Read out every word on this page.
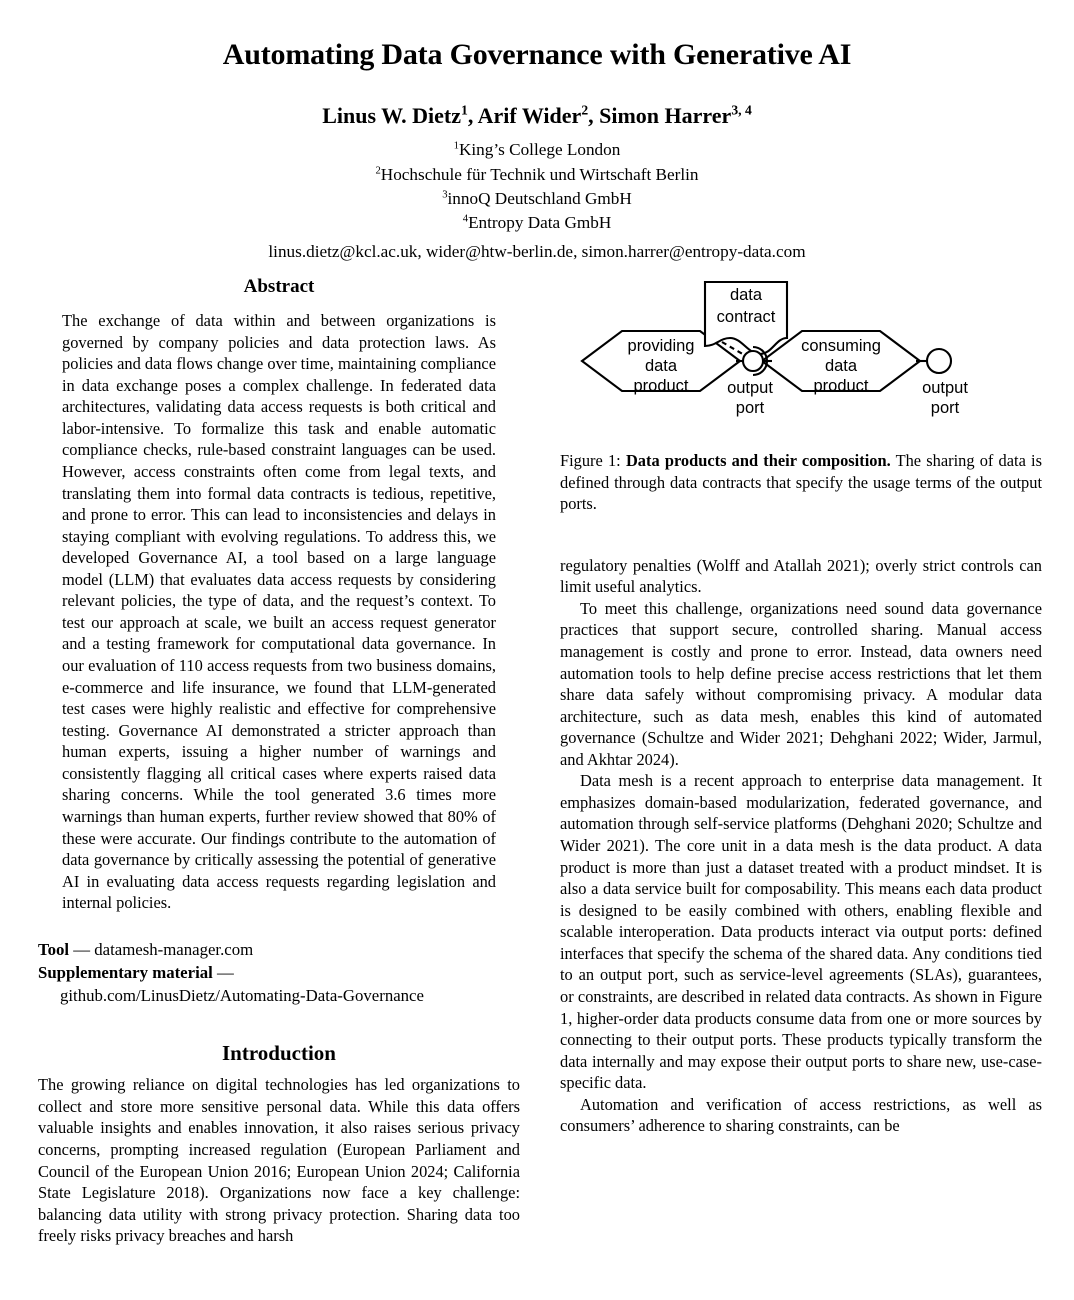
Automating Data Governance with Generative AI
Linus W. Dietz$^1$, Arif Wider$^2$, Simon Harrer$^{3, 4}$
$^1$King’s College London
$^2$Hochschule für Technik und Wirtschaft Berlin
$^3$innoQ Deutschland GmbH
$^4$Entropy Data GmbH
linus.dietz@kcl.ac.uk, wider@htw-berlin.de, simon.harrer@entropy-data.com
Abstract

The exchange of data within and between organizations is governed by company policies and data protection laws. As policies and data flows change over time, maintaining compliance in data exchange poses a complex challenge. In federated data architectures, validating data access requests is both critical and labor-intensive. To formalize this task and enable automatic compliance checks, rule-based constraint languages can be used. However, access constraints often come from legal texts, and translating them into formal data contracts is tedious, repetitive, and prone to error. This can lead to inconsistencies and delays in staying compliant with evolving regulations. To address this, we developed Governance AI, a tool based on a large language model (LLM) that evaluates data access requests by considering relevant policies, the type of data, and the request’s context. To test our approach at scale, we built an access request generator and a testing framework for computational data governance. In our evaluation of 110 access requests from two business domains, e-commerce and life insurance, we found that LLM-generated test cases were highly realistic and effective for comprehensive testing. Governance AI demonstrated a stricter approach than human experts, issuing a higher number of warnings and consistently flagging all critical cases where experts raised data sharing concerns. While the tool generated 3.6 times more warnings than human experts, further review showed that 80% of these were accurate. Our findings contribute to the automation of data governance by critically assessing the potential of generative AI in evaluating data access requests regarding legislation and internal policies.

Tool — datamesh-manager.com
Supplementary material —
github.com/LinusDietz/Automating-Data-Governance
Introduction

The growing reliance on digital technologies has led organizations to collect and store more sensitive personal data. While this data offers valuable insights and enables innovation, it also raises serious privacy concerns, prompting increased regulation (European Parliament and Council of the European Union 2016; European Union 2024; California State Legislature 2018). Organizations now face a key challenge: balancing data utility with strong privacy protection. Sharing data too freely risks privacy breaches and harsh

data
contract
providing
data
product
consuming
data
product
output
port
output
port

Figure 1: Data products and their composition. The sharing of data is defined through data contracts that specify the usage terms of the output ports.

regulatory penalties (Wolff and Atallah 2021); overly strict controls can limit useful analytics.

To meet this challenge, organizations need sound data governance practices that support secure, controlled sharing. Manual access management is costly and prone to error. Instead, data owners need automation tools to help define precise access restrictions that let them share data safely without compromising privacy. A modular data architecture, such as data mesh, enables this kind of automated governance (Schultze and Wider 2021; Dehghani 2022; Wider, Jarmul, and Akhtar 2024).

Data mesh is a recent approach to enterprise data management. It emphasizes domain-based modularization, federated governance, and automation through self-service platforms (Dehghani 2020; Schultze and Wider 2021). The core unit in a data mesh is the data product. A data product is more than just a dataset treated with a product mindset. It is also a data service built for composability. This means each data product is designed to be easily combined with others, enabling flexible and scalable interoperation. Data products interact via output ports: defined interfaces that specify the schema of the shared data. Any conditions tied to an output port, such as service-level agreements (SLAs), guarantees, or constraints, are described in related data contracts. As shown in Figure 1, higher-order data products consume data from one or more sources by connecting to their output ports. These products typically transform the data internally and may expose their output ports to share new, use-case-specific data.

Automation and verification of access restrictions, as well as consumers’ adherence to sharing constraints, can be
